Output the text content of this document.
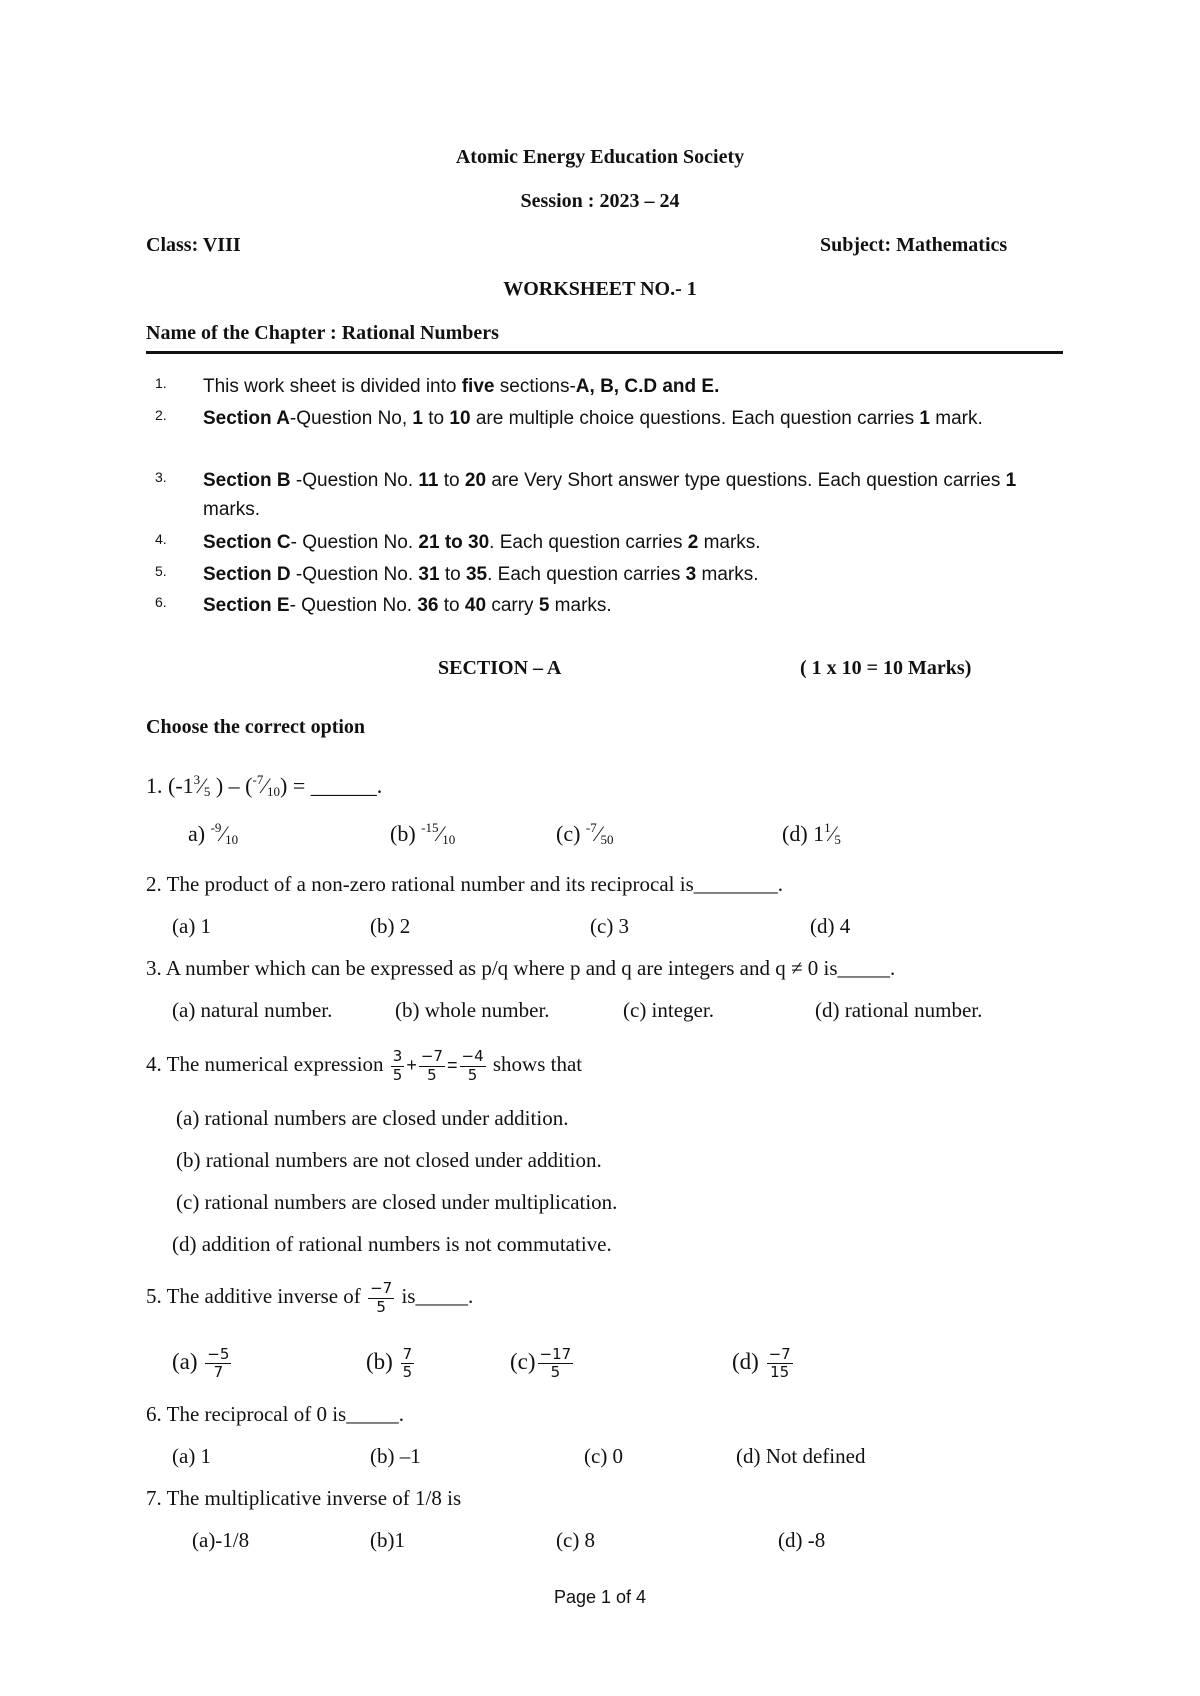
Atomic Energy Education Society
Session : 2023 – 24
Class: VIII	Subject: Mathematics
WORKSHEET NO.- 1
Name of the Chapter : Rational Numbers
1.	This work sheet is divided into five sections-A, B, C.D and E.
2.	Section A-Question No, 1 to 10 are multiple choice questions. Each question carries 1 mark.
3.	Section B -Question No. 11 to 20 are Very Short answer type questions. Each question carries 1 marks.
4.	Section C- Question No. 21 to 30. Each question carries 2 marks.
5.	Section D -Question No. 31 to 35. Each question carries 3 marks.
6.	Section E- Question No. 36 to 40 carry 5 marks.
SECTION – A	( 1 x 10 = 10 Marks)
Choose the correct option
1. ($-1^3⁄_5$ ) – $(^{-7}⁄_{10})$ = ______.
a) $^{-9}⁄_{10}$	(b) $^{-15}⁄_{10}$	(c) $^{-7}⁄_{50}$	(d) $1^1⁄_5$
2. The product of a non-zero rational number and its reciprocal is________.
(a) 1	(b) 2	(c) 3	(d) 4
3. A number which can be expressed as p/q where p and q are integers and q ≠ 0 is_____.
(a) natural number.	(b) whole number.	(c) integer.	(d) rational number.
4. The numerical expression $\frac{3}{5} + \frac{-7}{5} = \frac{-4}{5}$ shows that
(a) rational numbers are closed under addition.
(b) rational numbers are not closed under addition.
(c) rational numbers are closed under multiplication.
(d) addition of rational numbers is not commutative.
5. The additive inverse of $\frac{-7}{5}$ is_____.
$(a) \frac{-5}{7}$	$(b) \frac{7}{5}$	$(c) \frac{-17}{5}$	$(d) \frac{-7}{15}$
6. The reciprocal of 0 is_____.
(a) 1	(b) –1	(c) 0	(d) Not defined
7. The multiplicative inverse of 1/8 is
(a)-1/8	(b)1	(c) 8	(d) -8
Page 1 of 4
